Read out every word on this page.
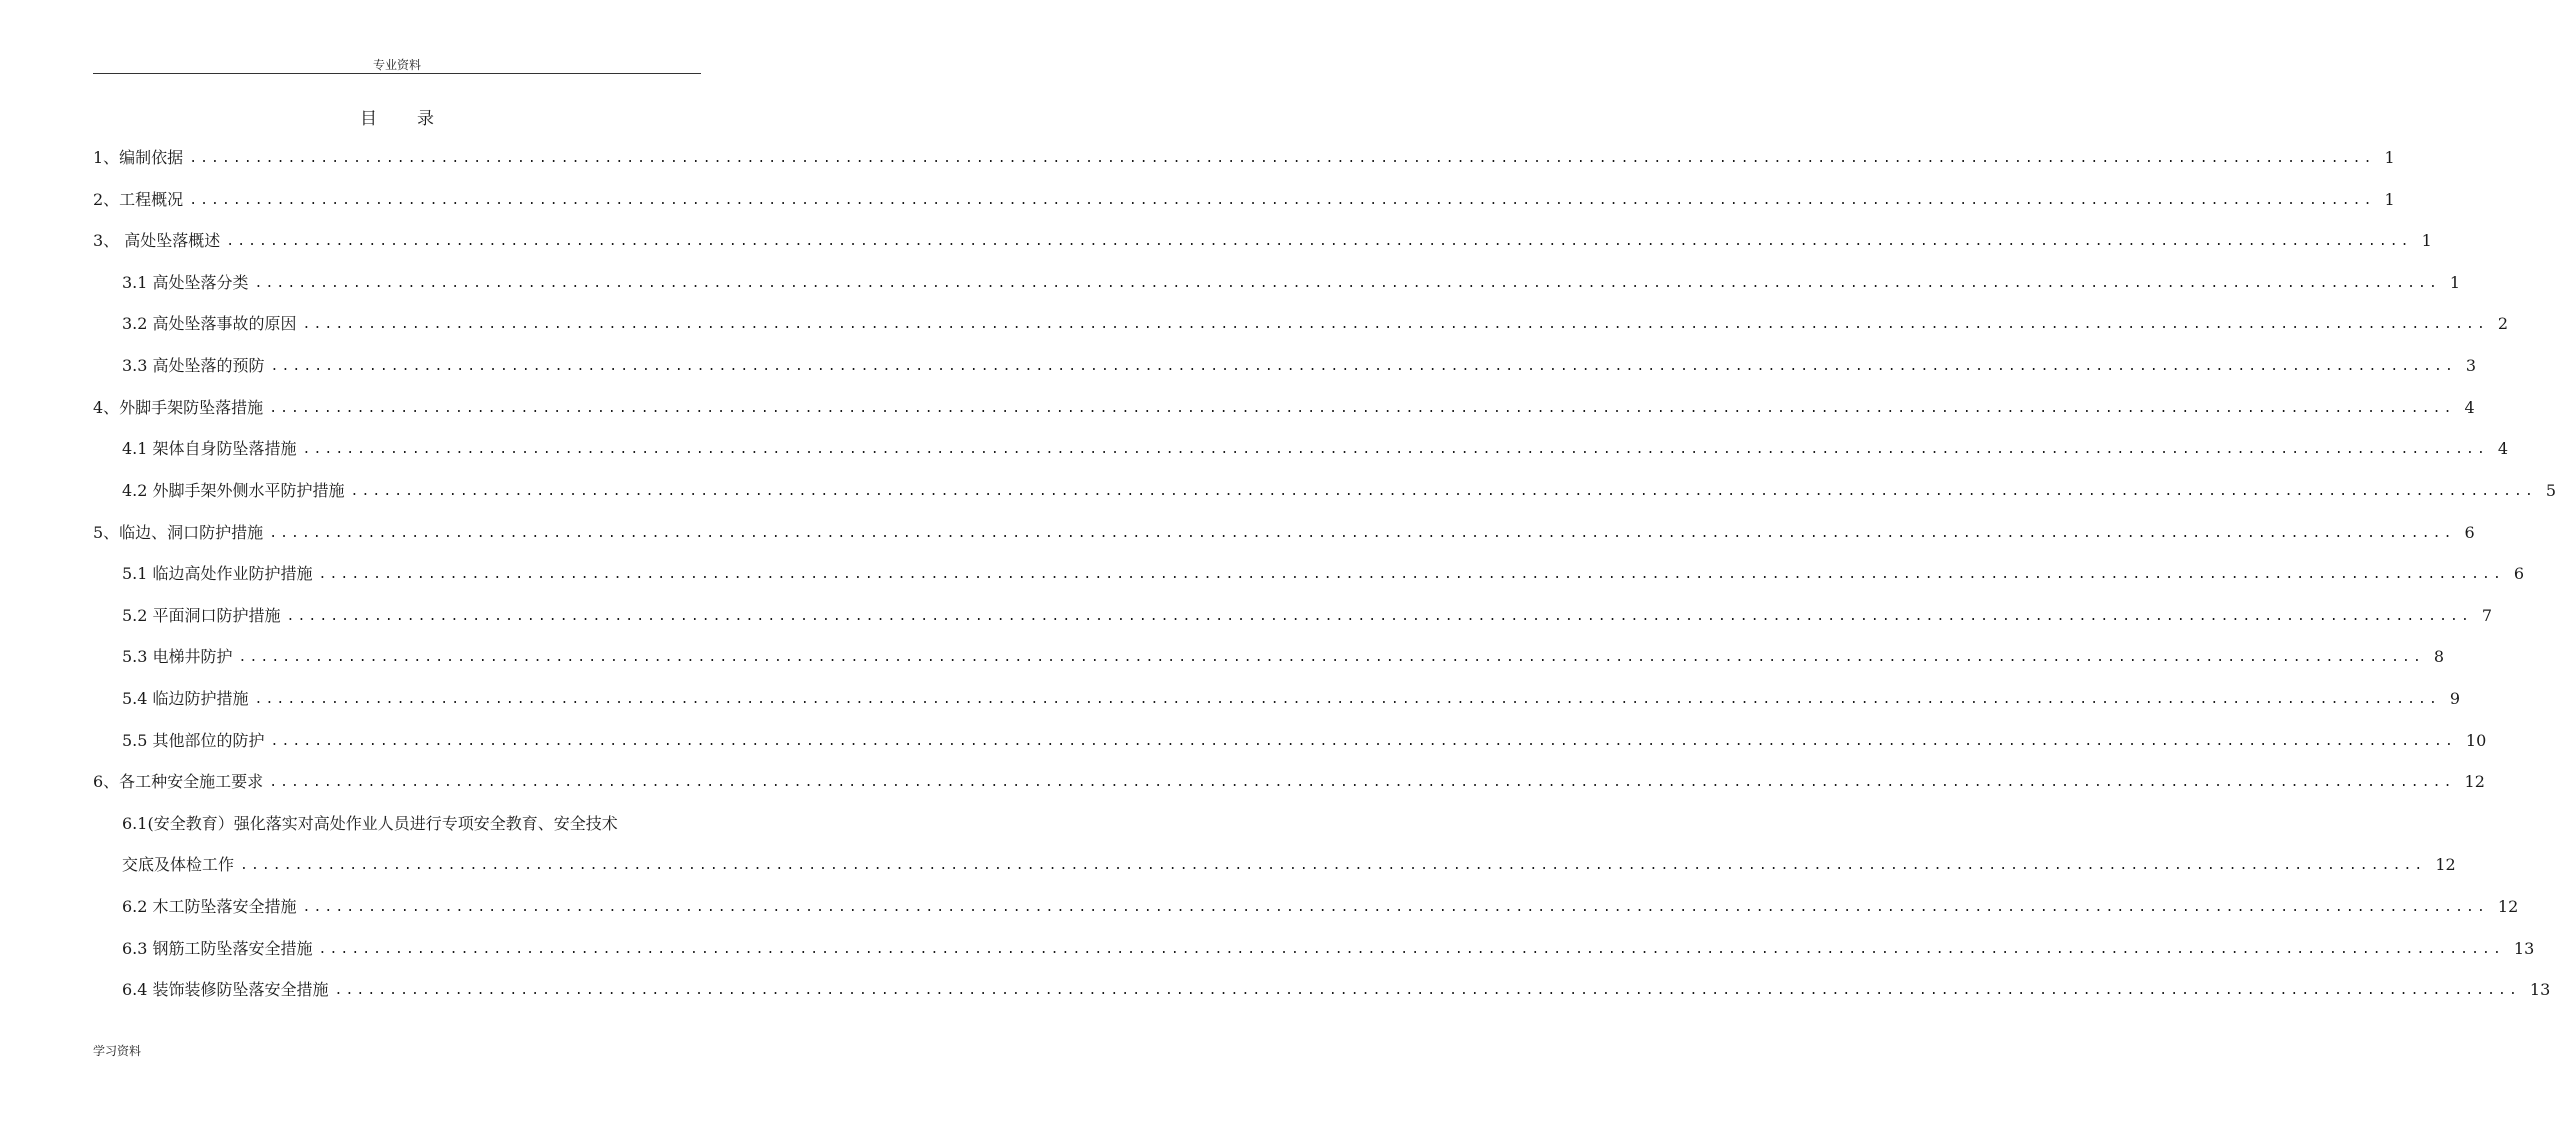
专业资料
目录
1、编制依据 ........................................................................................................................................................................................................ 1
2、工程概况 ........................................................................................................................................................................................................ 1
3、 高处坠落概述 ........................................................................................................................................................................................................ 1
3.1 高处坠落分类 ........................................................................................................................................................................................................ 1
3.2 高处坠落事故的原因 ........................................................................................................................................................................................................ 2
3.3 高处坠落的预防 ........................................................................................................................................................................................................ 3
4、外脚手架防坠落措施 ........................................................................................................................................................................................................ 4
4.1 架体自身防坠落措施 ........................................................................................................................................................................................................ 4
4.2 外脚手架外侧水平防护措施 ........................................................................................................................................................................................................ 5
5、临边、洞口防护措施 ........................................................................................................................................................................................................ 6
5.1 临边高处作业防护措施 ........................................................................................................................................................................................................ 6
5.2 平面洞口防护措施 ........................................................................................................................................................................................................ 7
5.3 电梯井防护 ........................................................................................................................................................................................................ 8
5.4 临边防护措施 ........................................................................................................................................................................................................ 9
5.5 其他部位的防护 ........................................................................................................................................................................................................ 10
6、各工种安全施工要求 ........................................................................................................................................................................................................ 12
6.1(安全教育）强化落实对高处作业人员进行专项安全教育、安全技术
交底及体检工作 ........................................................................................................................................................................................................ 12
6.2 木工防坠落安全措施 ........................................................................................................................................................................................................ 12
6.3 钢筋工防坠落安全措施 ........................................................................................................................................................................................................ 13
6.4 装饰装修防坠落安全措施 ........................................................................................................................................................................................................ 13
学习资料
